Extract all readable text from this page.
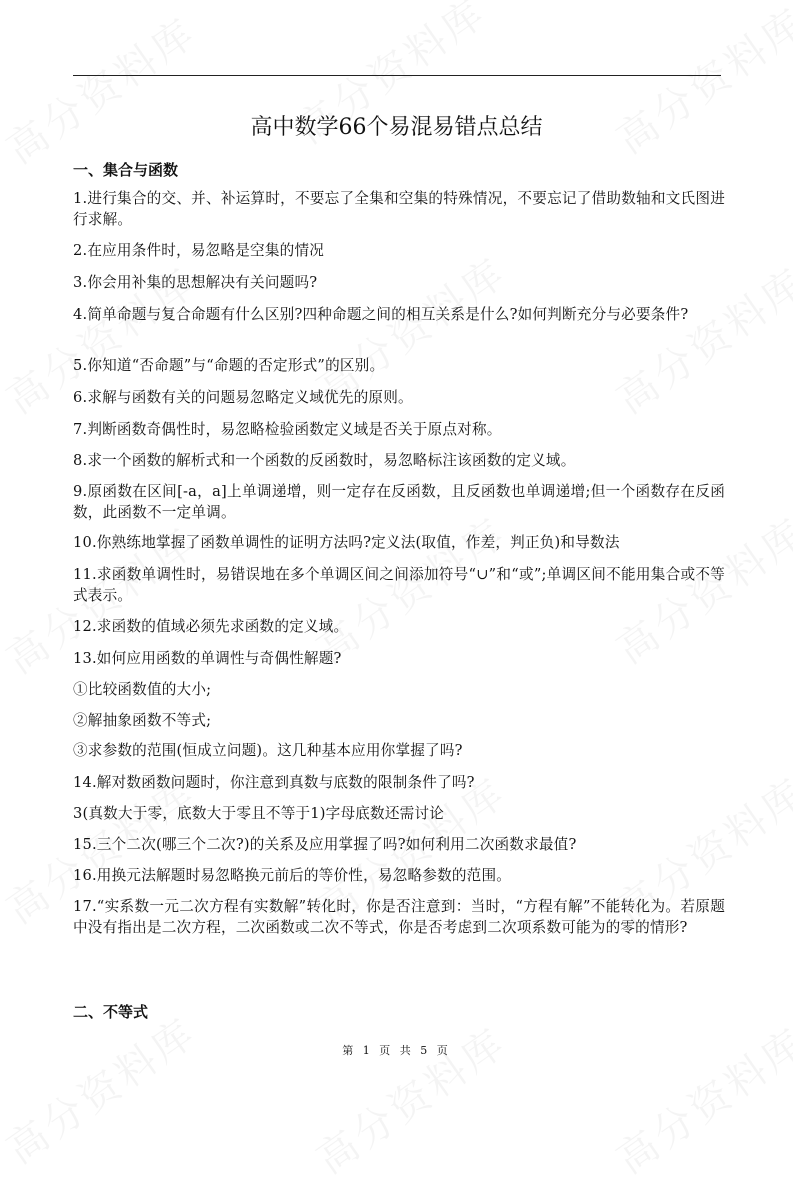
高中数学66个易混易错点总结
一、集合与函数
1.进行集合的交、并、补运算时，不要忘了全集和空集的特殊情况，不要忘记了借助数轴和文氏图进行求解。
2.在应用条件时，易忽略是空集的情况
3.你会用补集的思想解决有关问题吗?
4.简单命题与复合命题有什么区别?四种命题之间的相互关系是什么?如何判断充分与必要条件?
5.你知道“否命题”与“命题的否定形式”的区别。
6.求解与函数有关的问题易忽略定义域优先的原则。
7.判断函数奇偶性时，易忽略检验函数定义域是否关于原点对称。
8.求一个函数的解析式和一个函数的反函数时，易忽略标注该函数的定义域。
9.原函数在区间[-a，a]上单调递增，则一定存在反函数，且反函数也单调递增;但一个函数存在反函数，此函数不一定单调。
10.你熟练地掌握了函数单调性的证明方法吗?定义法(取值，作差，判正负)和导数法
11.求函数单调性时，易错误地在多个单调区间之间添加符号“∪”和“或”;单调区间不能用集合或不等式表示。
12.求函数的值域必须先求函数的定义域。
13.如何应用函数的单调性与奇偶性解题?
①比较函数值的大小;
②解抽象函数不等式;
③求参数的范围(恒成立问题)。这几种基本应用你掌握了吗?
14.解对数函数问题时，你注意到真数与底数的限制条件了吗?
3(真数大于零，底数大于零且不等于1)字母底数还需讨论
15.三个二次(哪三个二次?)的关系及应用掌握了吗?如何利用二次函数求最值?
16.用换元法解题时易忽略换元前后的等价性，易忽略参数的范围。
17.“实系数一元二次方程有实数解”转化时，你是否注意到：当时，“方程有解”不能转化为。若原题中没有指出是二次方程，二次函数或二次不等式，你是否考虑到二次项系数可能为的零的情形?
二、不等式
第 1 页 共 5 页
